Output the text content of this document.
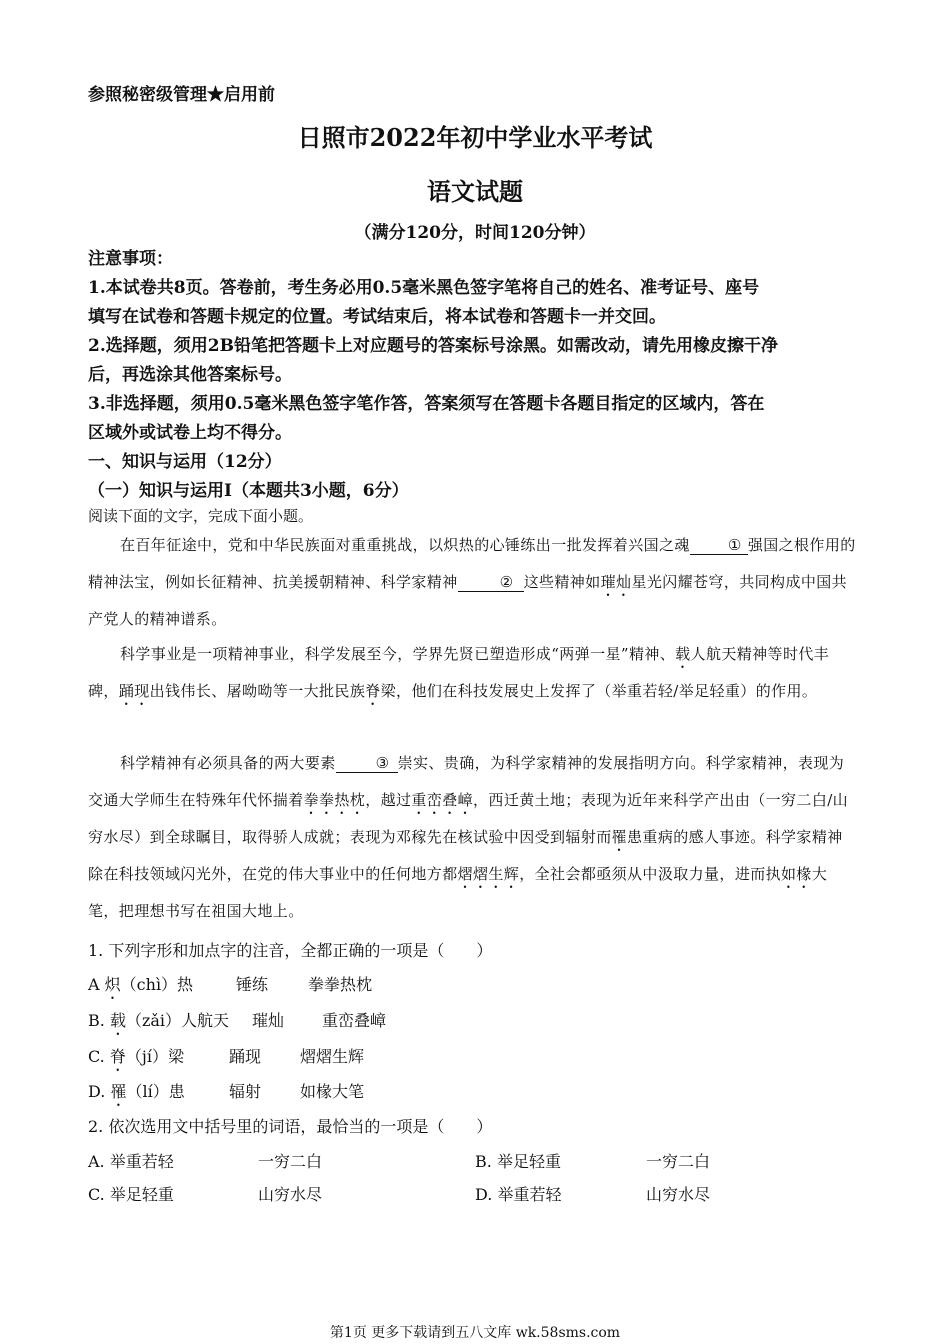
参照秘密级管理★启用前
日照市2022年初中学业水平考试
语文试题
（满分120分，时间120分钟）
注意事项：
1.本试卷共8页。答卷前，考生务必用0.5毫米黑色签字笔将自己的姓名、准考证号、座号
填写在试卷和答题卡规定的位置。考试结束后，将本试卷和答题卡一并交回。
2.选择题，须用2B铅笔把答题卡上对应题号的答案标号涂黑。如需改动，请先用橡皮擦干净
后，再选涂其他答案标号。
3.非选择题，须用0.5毫米黑色签字笔作答，答案须写在答题卡各题目指定的区域内，答在
区域外或试卷上均不得分。
一、知识与运用（12分）
（一）知识与运用Ⅰ（本题共3小题，6分）
阅读下面的文字，完成下面小题。
在百年征途中，党和中华民族面对重重挑战，以炽热的心锤练出一批发挥着兴国之魂	① 强国之根作用的精神法宝，例如长征精神、抗美援朝精神、科学家精神	② 这些精神如璀灿星光闪耀苍穹，共同构成中国共产党人的精神谱系。
科学事业是一项精神事业，科学发展至今，学界先贤已塑造形成“两弹一星”精神、载人航天精神等时代丰碑，踊现出钱伟长、屠呦呦等一大批民族脊梁，他们在科技发展史上发挥了（举重若轻/举足轻重）的作用。
科学精神有必须具备的两大要素	③ 崇实、贵确，为科学家精神的发展指明方向。科学家精神，表现为交通大学师生在特殊年代怀揣着拳拳热枕，越过重峦叠嶂，西迁黄土地；表现为近年来科学产出由（一穷二白/山穷水尽）到全球瞩目，取得骄人成就；表现为邓稼先在核试验中因受到辐射而罹患重病的感人事迹。科学家精神除在科技领域闪光外，在党的伟大事业中的任何地方都熠熠生辉，全社会都亟须从中汲取力量，进而执如椽大笔，把理想书写在祖国大地上。
1. 下列字形和加点字的注音，全都正确的一项是（　　）
A 炽（chì）热	锤练 拳拳热枕
B. 载（zǎi）人航天 璀灿 重峦叠嶂
C. 脊（jí）梁	踊现 熠熠生辉
D. 罹（lí）患	辐射 如椽大笔
2. 依次选用文中括号里的词语，最恰当的一项是（　　）
A. 举重若轻	一穷二白	B. 举足轻重	一穷二白
C. 举足轻重	山穷水尽	D. 举重若轻	山穷水尽
第1页 更多下载请到五八文库 wk.58sms.com
